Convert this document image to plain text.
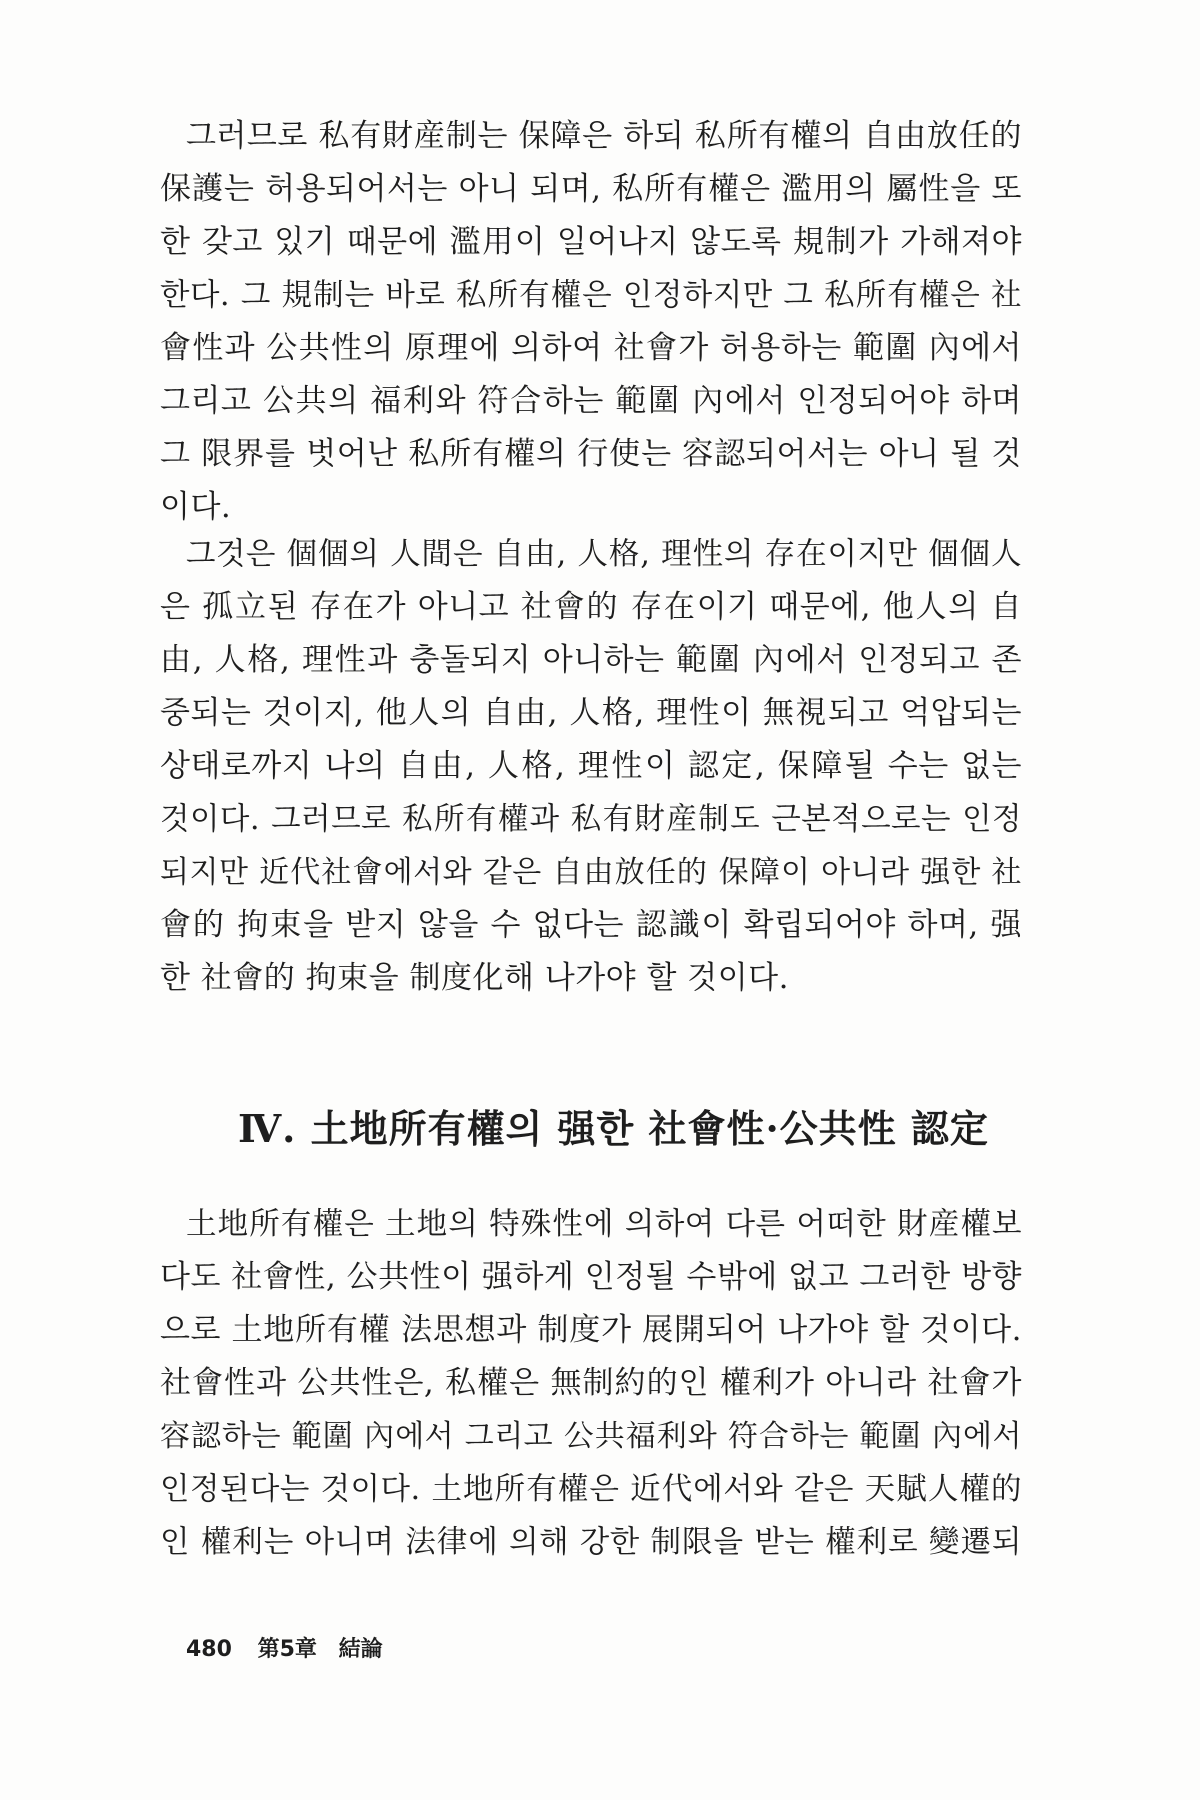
그러므로 私有財産制는 保障은 하되 私所有權의 自由放任的
保護는 허용되어서는 아니 되며, 私所有權은 濫用의 屬性을 또
한 갖고 있기 때문에 濫用이 일어나지 않도록 規制가 가해져야
한다. 그 規制는 바로 私所有權은 인정하지만 그 私所有權은 社
會性과 公共性의 原理에 의하여 社會가 허용하는 範圍 內에서
그리고 公共의 福利와 符合하는 範圍 內에서 인정되어야 하며
그 限界를 벗어난 私所有權의 行使는 容認되어서는 아니 될 것
이다.
그것은 個個의 人間은 自由, 人格, 理性의 存在이지만 個個人
은 孤立된 存在가 아니고 社會的 存在이기 때문에, 他人의 自
由, 人格, 理性과 충돌되지 아니하는 範圍 內에서 인정되고 존
중되는 것이지, 他人의 自由, 人格, 理性이 無視되고 억압되는
상태로까지 나의 自由, 人格, 理性이 認定, 保障될 수는 없는
것이다. 그러므로 私所有權과 私有財産制도 근본적으로는 인정
되지만 近代社會에서와 같은 自由放任的 保障이 아니라 强한 社
會的 拘束을 받지 않을 수 없다는 認識이 확립되어야 하며, 强
한 社會的 拘束을 制度化해 나가야 할 것이다.
Ⅳ. 土地所有權의 强한 社會性·公共性 認定
土地所有權은 土地의 特殊性에 의하여 다른 어떠한 財産權보
다도 社會性, 公共性이 强하게 인정될 수밖에 없고 그러한 방향
으로 土地所有權 法思想과 制度가 展開되어 나가야 할 것이다.
社會性과 公共性은, 私權은 無制約的인 權利가 아니라 社會가
容認하는 範圍 內에서 그리고 公共福利와 符合하는 範圍 內에서
인정된다는 것이다. 土地所有權은 近代에서와 같은 天賦人權的
인 權利는 아니며 法律에 의해 강한 制限을 받는 權利로 變遷되
480 第5章 結論
